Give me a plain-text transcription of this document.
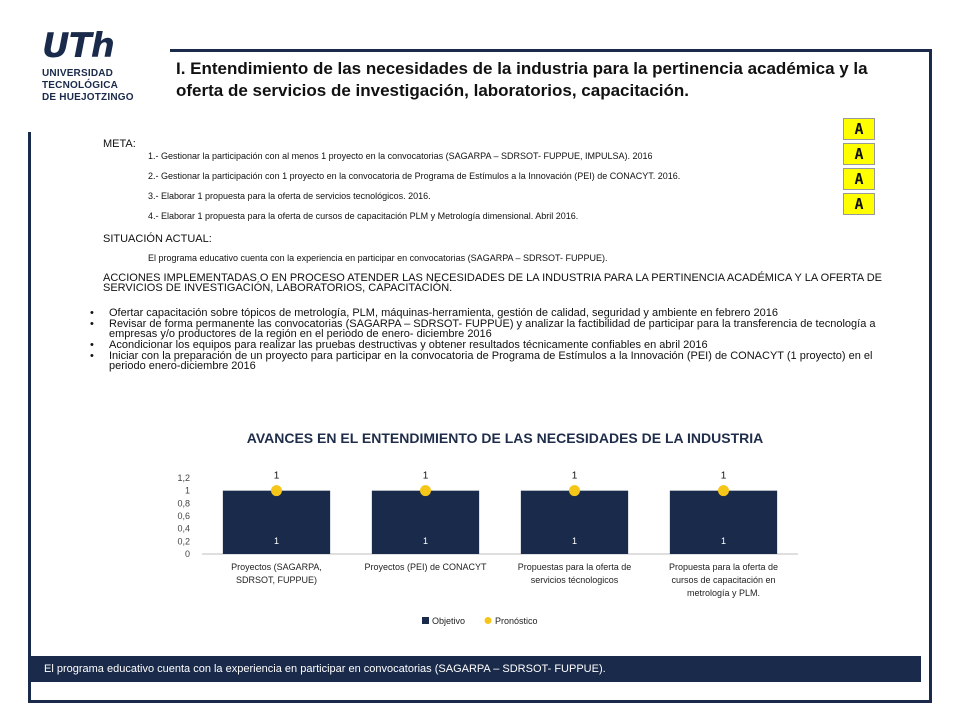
UTh
UNIVERSIDAD
TECNOLÓGICA
DE HUEJOTZINGO
I. Entendimiento de las necesidades de la industria para la pertinencia académica y la oferta de servicios de investigación, laboratorios, capacitación.
A
A
A
A
META:
1.- Gestionar la participación con al menos 1 proyecto en la convocatorias (SAGARPA – SDRSOT- FUPPUE, IMPULSA). 2016
2.- Gestionar la participación con 1 proyecto en la convocatoria de Programa de Estímulos a la Innovación (PEI) de CONACYT. 2016.
3.- Elaborar 1 propuesta para la oferta de servicios tecnológicos. 2016.
4.- Elaborar 1 propuesta para la oferta de cursos de capacitación PLM y Metrología dimensional. Abril 2016.
SITUACIÓN ACTUAL:
El programa educativo cuenta con la experiencia en participar en convocatorias (SAGARPA – SDRSOT- FUPPUE).
ACCIONES IMPLEMENTADAS O EN PROCESO ATENDER LAS NECESIDADES DE LA INDUSTRIA PARA LA PERTINENCIA ACADÉMICA Y LA OFERTA DE SERVICIOS DE INVESTIGACIÓN, LABORATORIOS, CAPACITACIÓN.
• Ofertar capacitación sobre tópicos de metrología, PLM, máquinas-herramienta, gestión de calidad, seguridad y ambiente en febrero 2016
• Revisar de forma permanente las convocatorias (SAGARPA – SDRSOT- FUPPUE) y analizar la factibilidad de participar para la transferencia de tecnología a empresas y/o productores de la región en el periodo de enero- diciembre 2016
• Acondicionar los equipos para realizar las pruebas destructivas y obtener resultados técnicamente confiables en abril 2016
• Iniciar con la preparación de un proyecto para participar en la convocatoria de Programa de Estímulos a la Innovación (PEI) de CONACYT (1 proyecto) en el periodo enero-diciembre 2016
AVANCES EN EL ENTENDIMIENTO DE LAS NECESIDADES DE LA INDUSTRIA
0
0,2
0,4
0,6
0,8
1
1,2
1
1
Proyectos (SAGARPA,
SDRSOT, FUPPUE)
1
1
Proyectos (PEI) de CONACYT
1
1
Propuestas para la oferta de
servicios técnologicos
1
1
Propuesta para la oferta de
cursos de capacitación en
metrología y PLM.
Objetivo	Pronóstico
El programa educativo cuenta con la experiencia en participar en convocatorias (SAGARPA – SDRSOT- FUPPUE).
